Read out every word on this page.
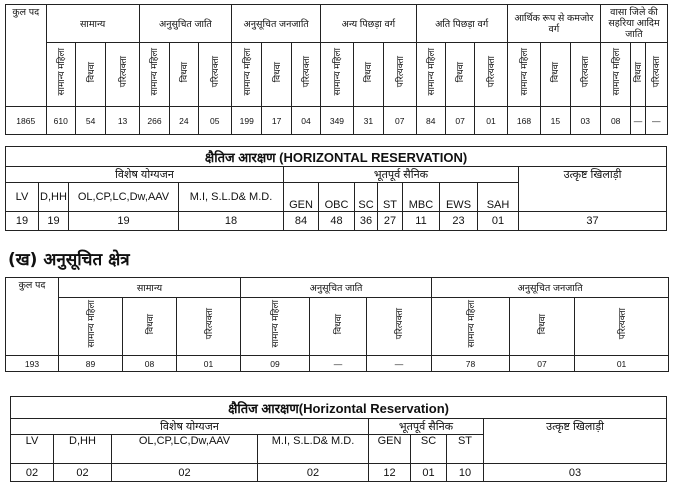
कुल पद	सामान्य			अनुसुचित जाति			अनुसूचित जनजाति			अन्य पिछड़ा वर्ग			अति पिछड़ा वर्ग			आर्थिक रूप से कमजोर वर्ग			वासा जिले की सहरिया आदिम जाति		
	सामान्य महिला	विधवा	परित्यक्ता	सामान्य महिला	विधवा	परित्यक्ता	सामान्य महिला	विधवा	परित्यक्ता	सामान्य महिला	विधवा	परित्यक्ता	सामान्य महिला	विधवा	परित्यक्ता	सामान्य महिला	विधवा	परित्यक्ता	सामान्य महिला	विधवा	परित्यक्ता
1865	610	54	13	266	24	05	199	17	04	349	31	07	84	07	01	168	15	03	08	—	—
क्षैतिज आरक्षण (HORIZONTAL RESERVATION)											
विशेष योग्यजन				भूतपूर्व सैनिक							उत्कृष्ट खिलाड़ी
LV	D,HH	OL,CP,LC,Dw,AAV	M.I, S.L.D& M.D.	GEN	OBC	SC	ST	MBC	EWS	SAH	
19	19	19	18	84	48	36	27	11	23	01	37
(ख) अनुसूचित क्षेत्र
कुल पद	सामान्य			अनुसूचित जाति			अनुसूचित जनजाति		
	सामान्य महिला	विधवा	परित्यक्ता	सामान्य महिला	विधवा	परित्यक्ता	सामान्य महिला	विधवा	परित्यक्ता
193	89	08	01	09	—	—	78	07	01
क्षैतिज आरक्षण(Horizontal Reservation)							
विशेष योग्यजन				भूतपूर्व सैनिक			उत्कृष्ट खिलाड़ी
LV	D,HH	OL,CP,LC,Dw,AAV	M.I, S.L.D& M.D.	GEN	SC	ST	
02	02	02	02	12	01	10	03
